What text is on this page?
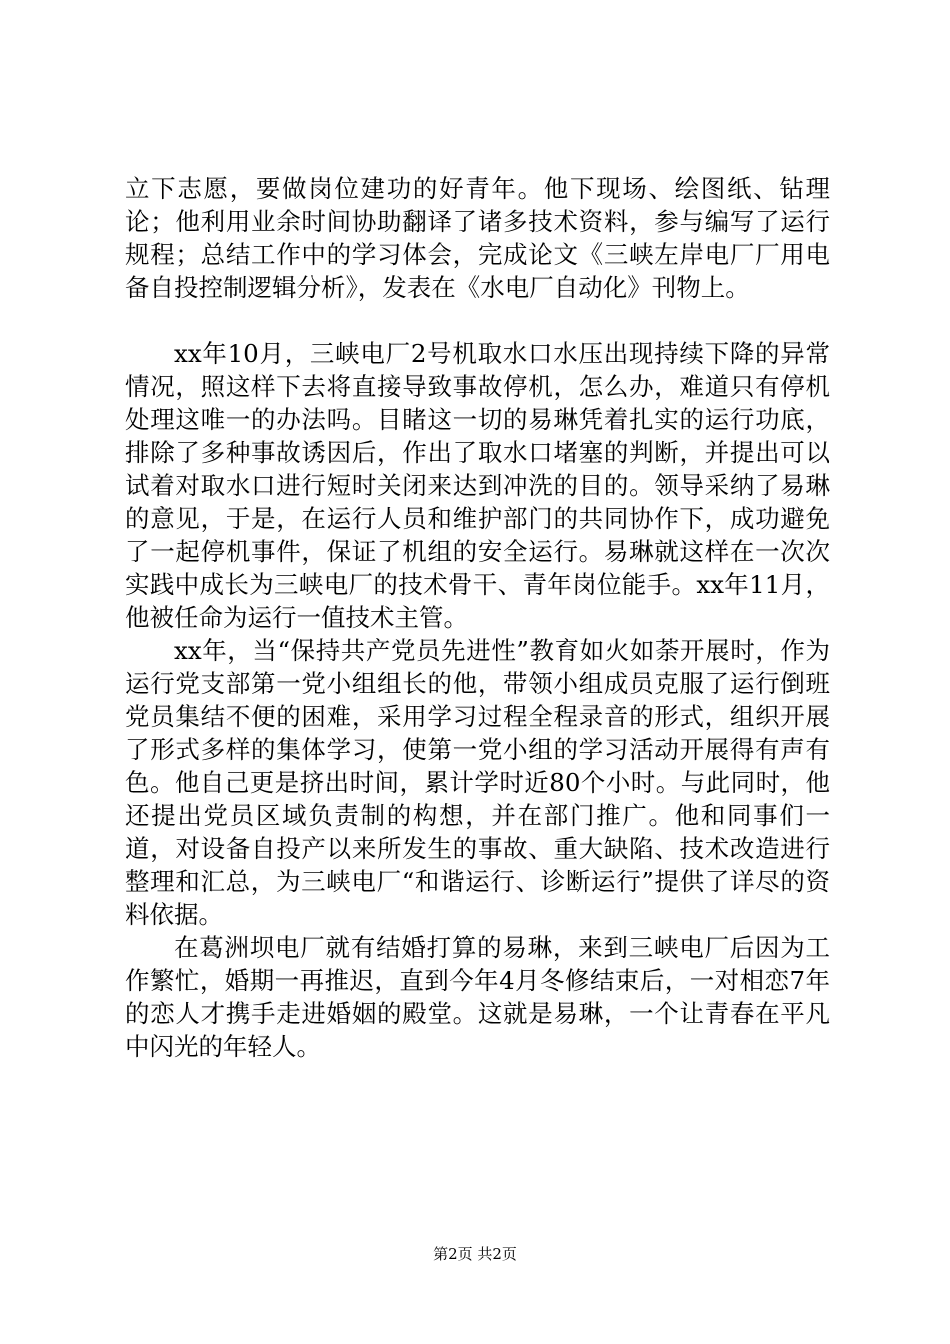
立下志愿，要做岗位建功的好青年。他下现场、绘图纸、钻理论；他利用业余时间协助翻译了诸多技术资料，参与编写了运行规程；总结工作中的学习体会，完成论文《三峡左岸电厂厂用电备自投控制逻辑分析》，发表在《水电厂自动化》刊物上。

xx年10月，三峡电厂2号机取水口水压出现持续下降的异常情况，照这样下去将直接导致事故停机，怎么办，难道只有停机处理这唯一的办法吗。目睹这一切的易琳凭着扎实的运行功底，排除了多种事故诱因后，作出了取水口堵塞的判断，并提出可以试着对取水口进行短时关闭来达到冲洗的目的。领导采纳了易琳的意见，于是，在运行人员和维护部门的共同协作下，成功避免了一起停机事件，保证了机组的安全运行。易琳就这样在一次次实践中成长为三峡电厂的技术骨干、青年岗位能手。xx年11月，他被任命为运行一值技术主管。

xx年，当“保持共产党员先进性”教育如火如荼开展时，作为运行党支部第一党小组组长的他，带领小组成员克服了运行倒班党员集结不便的困难，采用学习过程全程录音的形式，组织开展了形式多样的集体学习，使第一党小组的学习活动开展得有声有色。他自己更是挤出时间，累计学时近80个小时。与此同时，他还提出党员区域负责制的构想，并在部门推广。他和同事们一道，对设备自投产以来所发生的事故、重大缺陷、技术改造进行整理和汇总，为三峡电厂“和谐运行、诊断运行”提供了详尽的资料依据。

在葛洲坝电厂就有结婚打算的易琳，来到三峡电厂后因为工作繁忙，婚期一再推迟，直到今年4月冬修结束后，一对相恋7年的恋人才携手走进婚姻的殿堂。这就是易琳，一个让青春在平凡中闪光的年轻人。

第2页 共2页
